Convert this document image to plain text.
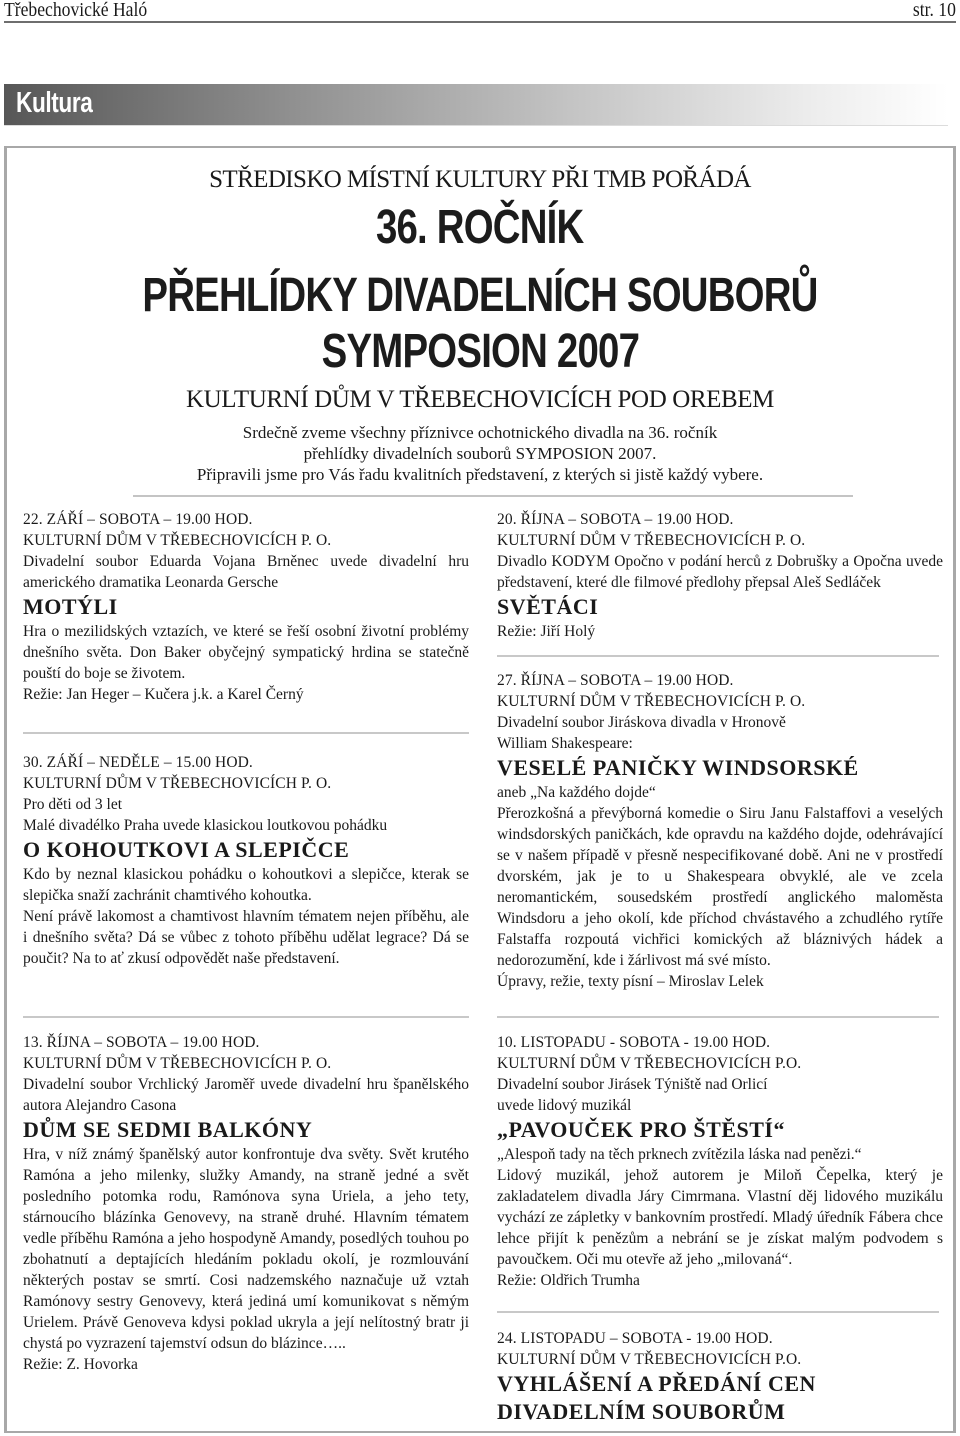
Třebechovické Haló	str. 10
Kultura
STŘEDISKO MÍSTNÍ KULTURY PŘI TMB POŘÁDÁ
36. ROČNÍK
PŘEHLÍDKY DIVADELNÍCH SOUBORŮ
SYMPOSION 2007
KULTURNÍ DŮM V TŘEBECHOVICÍCH POD OREBEM
Srdečně zveme všechny příznivce ochotnického divadla na 36. ročník
přehlídky divadelních souborů SYMPOSION 2007.
Připravili jsme pro Vás řadu kvalitních představení, z kterých si jistě každý vybere.
22. ZÁŘÍ – SOBOTA – 19.00 HOD.
KULTURNÍ DŮM V TŘEBECHOVICÍCH P. O.
Divadelní soubor Eduarda Vojana Brněnec uvede divadelní hru amerického dramatika Leonarda Gersche
MOTÝLI
Hra o mezilidských vztazích, ve které se řeší osobní životní problémy dnešního světa. Don Baker obyčejný sympatický hrdina se statečně pouští do boje se životem.
Režie: Jan Heger – Kučera j.k. a Karel Černý
30. ZÁŘÍ – NEDĚLE – 15.00 HOD.
KULTURNÍ DŮM V TŘEBECHOVICÍCH P. O.
Pro děti od 3 let
Malé divadélko Praha uvede klasickou loutkovou pohádku
O KOHOUTKOVI A SLEPIČCE
Kdo by neznal klasickou pohádku o kohoutkovi a slepičce, kterak se slepička snaží zachránit chamtivého kohoutka.
Není právě lakomost a chamtivost hlavním tématem nejen příběhu, ale i dnešního světa? Dá se vůbec z tohoto příběhu udělat legrace? Dá se poučit? Na to ať zkusí odpovědět naše představení.
13. ŘÍJNA – SOBOTA – 19.00 HOD.
KULTURNÍ DŮM V TŘEBECHOVICÍCH P. O.
Divadelní soubor Vrchlický Jaroměř uvede divadelní hru španělského autora Alejandro Casona
DŮM SE SEDMI BALKÓNY
Hra, v níž známý španělský autor konfrontuje dva světy. Svět krutého Ramóna a jeho milenky, služky Amandy, na straně jedné a svět posledního potomka rodu, Ramónova syna Uriela, a jeho tety, stárnoucího blázínka Genovevy, na straně druhé. Hlavním tématem vedle příběhu Ramóna a jeho hospodyně Amandy, posedlých touhou po zbohatnutí a deptajících hledáním pokladu okolí, je rozmlouvání některých postav se smrtí. Cosi nadzemského naznačuje už vztah Ramónovy sestry Genovevy, která jediná umí komunikovat s němým Urielem. Právě Genoveva kdysi poklad ukryla a její nelítostný bratr ji chystá po vyzrazení tajemství odsun do blázince…..
Režie: Z. Hovorka
20. ŘÍJNA – SOBOTA – 19.00 HOD.
KULTURNÍ DŮM V TŘEBECHOVICÍCH P. O.
Divadlo KODYM Opočno v podání herců z Dobrušky a Opočna uvede představení, které dle filmové předlohy přepsal Aleš Sedláček
SVĚTÁCI
Režie: Jiří Holý
27. ŘÍJNA – SOBOTA – 19.00 HOD.
KULTURNÍ DŮM V TŘEBECHOVICÍCH P. O.
Divadelní soubor Jiráskova divadla v Hronově
William Shakespeare:
VESELÉ PANIČKY WINDSORSKÉ
aneb „Na každého dojde“
Přerozkošná a převýborná komedie o Siru Janu Falstaffovi a veselých windsdorských paničkách, kde opravdu na každého dojde, odehrávající se v našem případě v přesně nespecifikované době. Ani ne v prostředí dvorském, jak je to u Shakespeara obvyklé, ale ve zcela neromantickém, sousedském prostředí anglického maloměsta Windsdoru a jeho okolí, kde příchod chvástavého a zchudlého rytíře Falstaffa rozpoutá vichřici komických až bláznivých hádek a nedorozumění, kde i žárlivost má své místo.
Úpravy, režie, texty písní – Miroslav Lelek
10. LISTOPADU - SOBOTA - 19.00 HOD.
KULTURNÍ DŮM V TŘEBECHOVICÍCH P.O.
Divadelní soubor Jirásek Týniště nad Orlicí
uvede lidový muzikál
„PAVOUČEK PRO ŠTĚSTÍ“
„Alespoň tady na těch prknech zvítězila láska nad penězi.“
Lidový muzikál, jehož autorem je Miloň Čepelka, který je zakladatelem divadla Járy Cimrmana. Vlastní děj lidového muzikálu vychází ze zápletky v bankovním prostředí. Mladý úředník Fábera chce lehce přijít k penězům a nebrání se je získat malým podvodem s pavoučkem. Oči mu otevře až jeho „milovaná“.
Režie: Oldřich Trumha
24. LISTOPADU – SOBOTA - 19.00 HOD.
KULTURNÍ DŮM V TŘEBECHOVICÍCH P.O.
VYHLÁŠENÍ A PŘEDÁNÍ CEN
DIVADELNÍM SOUBORŮM
